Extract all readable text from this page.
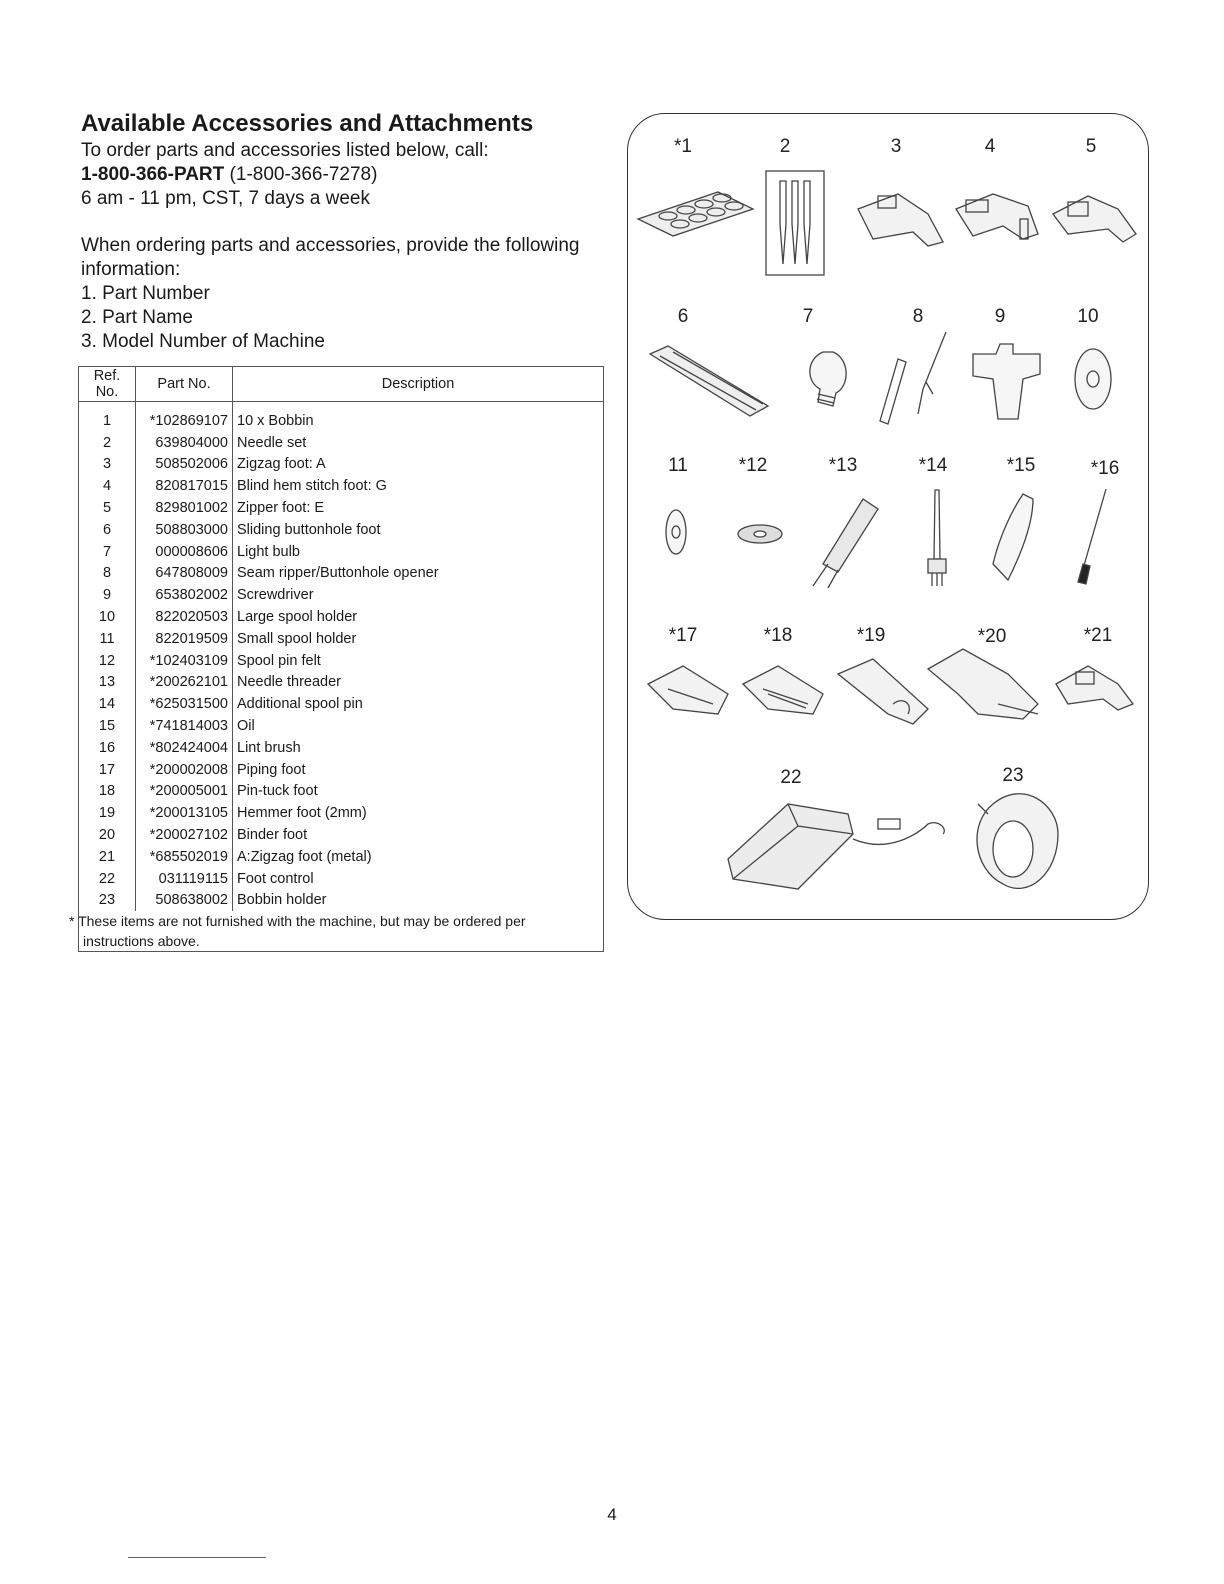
Available Accessories and Attachments

To order parts and accessories listed below, call:

1-800-366-PART (1-800-366-7278)

6 am - 11 pm, CST, 7 days a week

When ordering parts and accessories, provide the following information:

1. Part Number

2. Part Name

3. Model Number of Machine

Ref. No.	Part No.	Description
1	*102869107	10 x Bobbin
2	639804000	Needle set
3	508502006	Zigzag foot: A
4	820817015	Blind hem stitch foot: G
5	829801002	Zipper foot: E
6	508803000	Sliding buttonhole foot
7	000008606	Light bulb
8	647808009	Seam ripper/Buttonhole opener
9	653802002	Screwdriver
10	822020503	Large spool holder
11	822019509	Small spool holder
12	*102403109	Spool pin felt
13	*200262101	Needle threader
14	*625031500	Additional spool pin
15	*741814003	Oil
16	*802424004	Lint brush
17	*200002008	Piping foot
18	*200005001	Pin-tuck foot
19	*200013105	Hemmer foot (2mm)
20	*200027102	Binder foot
21	*685502019	A:Zigzag foot (metal)
22	031119115	Foot control
23	508638002	Bobbin holder
* These items are not furnished with the machine, but may be ordered per instructions above.		
*1	2	3	4	5
6	7	8	9	10
11	*12	*13	*14	*15	*16
*17	*18	*19	*20	*21
22	23
4
